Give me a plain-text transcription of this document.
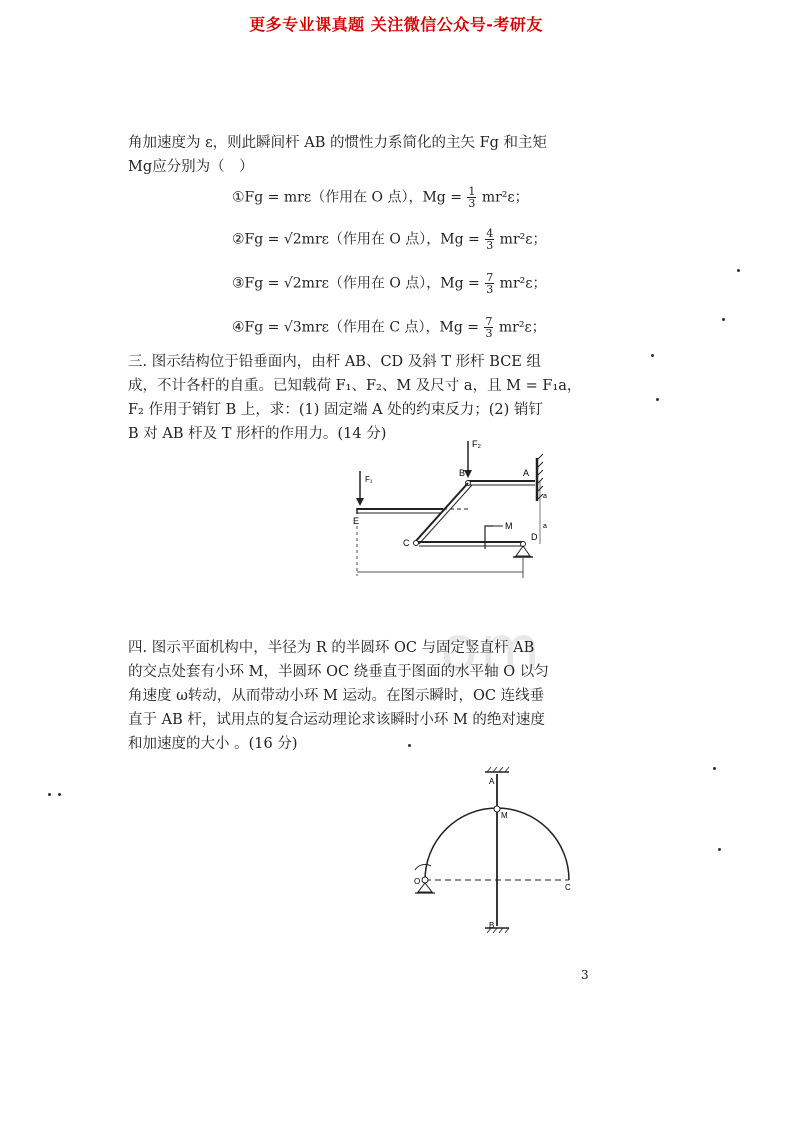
更多专业课真题 关注微信公众号-考研友
om
角加速度为 ε，则此瞬间杆 AB 的惯性力系简化的主矢 Fg 和主矩
Mg应分别为（　）
①Fg = mrε（作用在 O 点），$Mg = \frac{1}{3} mr^2\varepsilon$；
②Fg = √2mrε（作用在 O 点），$Mg = \frac{4}{3} mr^2\varepsilon$；
③Fg = √2mrε（作用在 O 点），$Mg = \frac{7}{3} mr^2\varepsilon$；
④Fg = √3mrε（作用在 C 点），$Mg = \frac{7}{3} mr^2\varepsilon$；
三. 图示结构位于铅垂面内，由杆 AB、CD 及斜 T 形杆 BCE 组
成，不计各杆的自重。已知载荷 F₁、F₂、M 及尺寸 a，且 M = F₁a，
F₂ 作用于销钉 B 上，求：(1) 固定端 A 处的约束反力；(2) 销钉
B 对 AB 杆及 T 形杆的作用力。(14 分)
F₂
A
B
E
F₁
C
M
D
a
a
四. 图示平面机构中，半径为 R 的半圆环 OC 与固定竖直杆 AB
的交点处套有小环 M，半圆环 OC 绕垂直于图面的水平轴 O 以匀
角速度 ω转动，从而带动小环 M 运动。在图示瞬时，OC 连线垂
直于 AB 杆，试用点的复合运动理论求该瞬时小环 M 的绝对速度
和加速度的大小 。(16 分)
A
B
M
O
C
3
